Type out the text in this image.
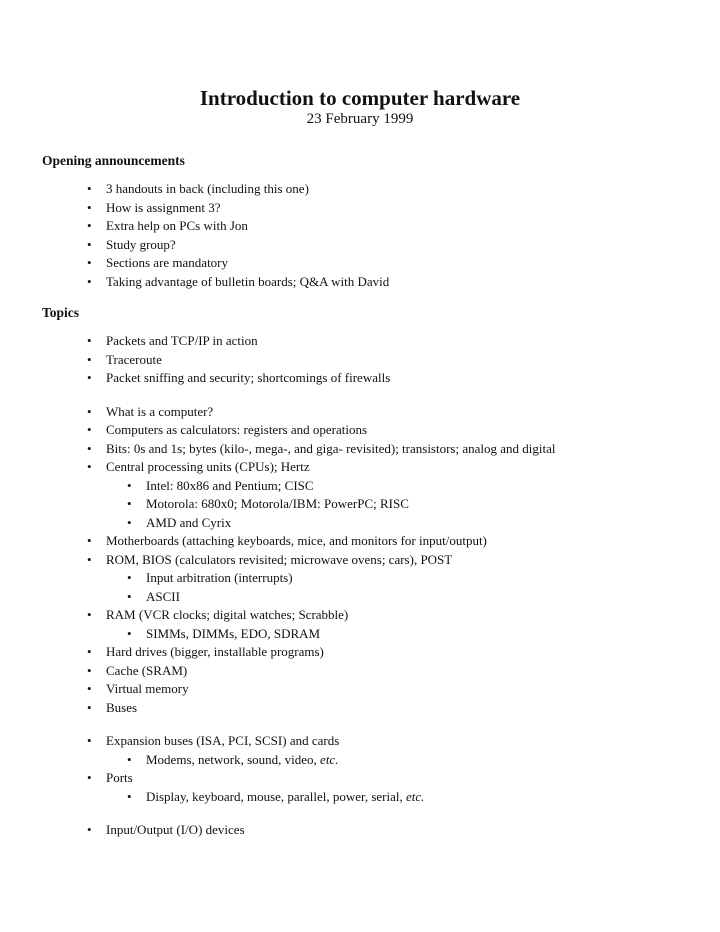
Introduction to computer hardware
23 February 1999
Opening announcements
• 3 handouts in back (including this one)
• How is assignment 3?
• Extra help on PCs with Jon
• Study group?
• Sections are mandatory
• Taking advantage of bulletin boards; Q&A with David
Topics
• Packets and TCP/IP in action
• Traceroute
• Packet sniffing and security; shortcomings of firewalls
• What is a computer?
• Computers as calculators: registers and operations
• Bits: 0s and 1s; bytes (kilo-, mega-, and giga- revisited); transistors; analog and digital
• Central processing units (CPUs); Hertz
• Intel: 80x86 and Pentium; CISC
• Motorola: 680x0; Motorola/IBM: PowerPC; RISC
• AMD and Cyrix
• Motherboards (attaching keyboards, mice, and monitors for input/output)
• ROM, BIOS (calculators revisited; microwave ovens; cars), POST
• Input arbitration (interrupts)
• ASCII
• RAM (VCR clocks; digital watches; Scrabble)
• SIMMs, DIMMs, EDO, SDRAM
• Hard drives (bigger, installable programs)
• Cache (SRAM)
• Virtual memory
• Buses
• Expansion buses (ISA, PCI, SCSI) and cards
• Modems, network, sound, video, etc.
• Ports
• Display, keyboard, mouse, parallel, power, serial, etc.
• Input/Output (I/O) devices
